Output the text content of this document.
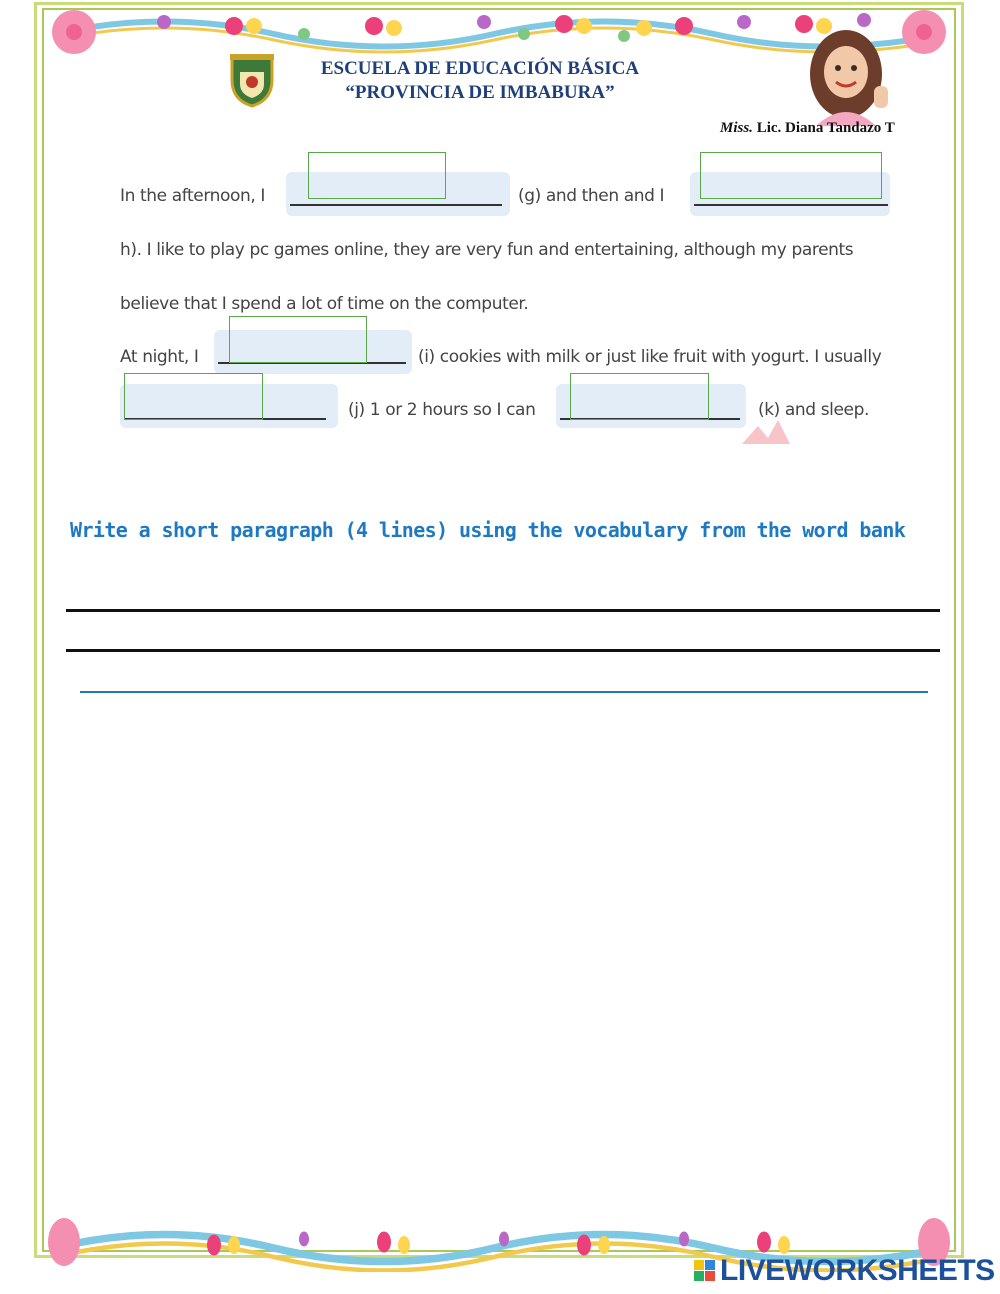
ESCUELA DE EDUCACIÓN BÁSICA
“PROVINCIA DE IMBABURA”
Miss. Lic. Diana Tandazo T
In the afternoon, I	(g) and then and I
h). I like to play pc games online, they are very fun and entertaining, although my parents
believe that I spend a lot of time on the computer.
At night, I	(i) cookies with milk or just like fruit with yogurt. I usually
(j) 1 or 2 hours so I can	(k) and sleep.
Write a short paragraph (4 lines) using the vocabulary from the word bank
LIVEWORKSHEETS
